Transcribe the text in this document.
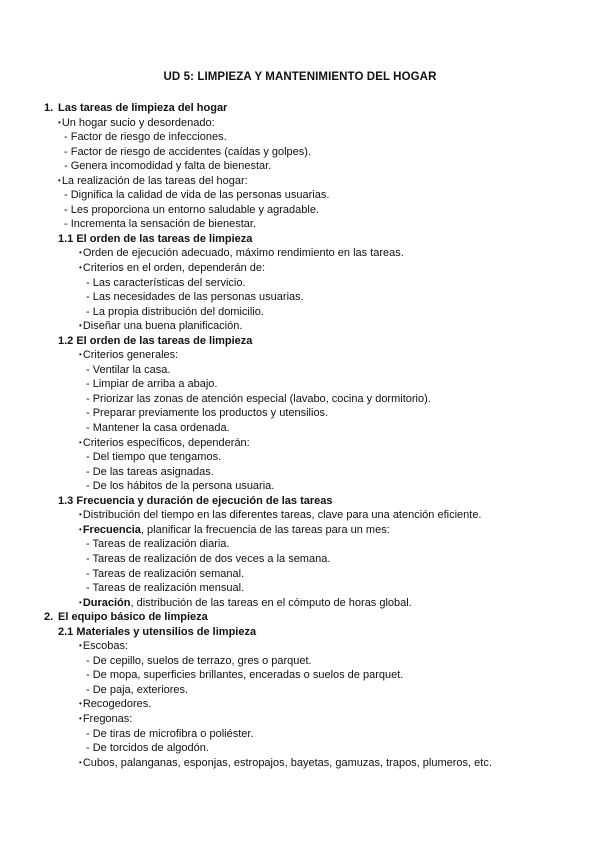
UD 5: LIMPIEZA Y MANTENIMIENTO DEL HOGAR
1. Las tareas de limpieza del hogar
•Un hogar sucio y desordenado:
- Factor de riesgo de infecciones.
- Factor de riesgo de accidentes (caídas y golpes).
- Genera incomodidad y falta de bienestar.
•La realización de las tareas del hogar:
- Dignifica la calidad de vida de las personas usuarias.
- Les proporciona un entorno saludable y agradable.
- Incrementa la sensación de bienestar.
1.1 El orden de las tareas de limpieza
•Orden de ejecución adecuado, máximo rendimiento en las tareas.
•Criterios en el orden, dependerán de:
- Las características del servicio.
- Las necesidades de las personas usuarias.
- La propia distribución del domicilio.
•Diseñar una buena planificación.
1.2 El orden de las tareas de limpieza
•Criterios generales:
- Ventilar la casa.
- Limpiar de arriba a abajo.
- Priorizar las zonas de atención especial (lavabo, cocina y dormitorio).
- Preparar previamente los productos y utensilios.
- Mantener la casa ordenada.
•Criterios específicos, dependerán:
- Del tiempo que tengamos.
- De las tareas asignadas.
- De los hábitos de la persona usuaria.
1.3 Frecuencia y duración de ejecución de las tareas
•Distribución del tiempo en las diferentes tareas, clave para una atención eficiente.
•Frecuencia, planificar la frecuencia de las tareas para un mes:
- Tareas de realización diaria.
- Tareas de realización de dos veces a la semana.
- Tareas de realización semanal.
- Tareas de realización mensual.
•Duración, distribución de las tareas en el cómputo de horas global.
2. El equipo básico de limpieza
2.1 Materiales y utensilios de limpieza
•Escobas:
- De cepillo, suelos de terrazo, gres o parquet.
- De mopa, superficies brillantes, enceradas o suelos de parquet.
- De paja, exteriores.
•Recogedores.
•Fregonas:
- De tiras de microfibra o poliéster.
- De torcidos de algodón.
•Cubos, palanganas, esponjas, estropajos, bayetas, gamuzas, trapos, plumeros, etc.
